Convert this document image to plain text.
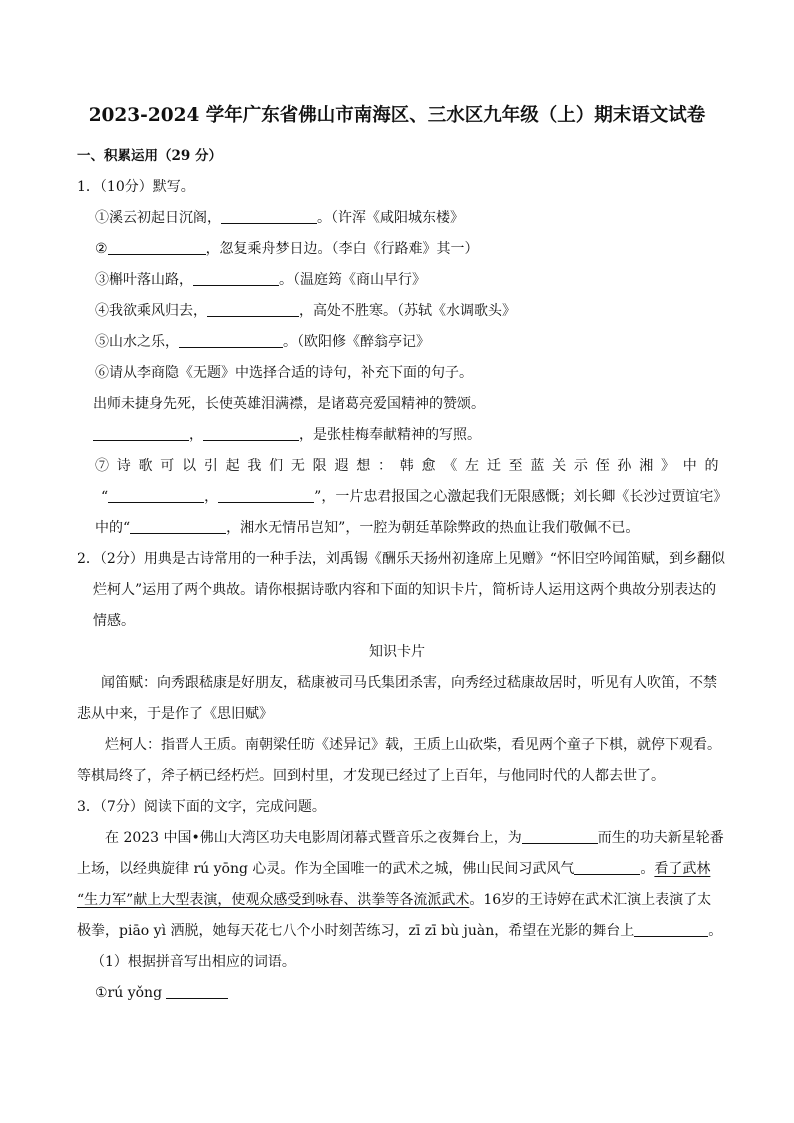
2023-2024 学年广东省佛山市南海区、三水区九年级（上）期末语文试卷
一、积累运用（29 分）
1．（10分）默写。
①溪云初起日沉阁，	。（许浑《咸阳城东楼》
②	，忽复乘舟梦日边。（李白《行路难》其一）
③槲叶落山路，	。（温庭筠《商山早行》
④我欲乘风归去，	，高处不胜寒。（苏轼《水调歌头》
⑤山水之乐，	。（欧阳修《醉翁亭记》
⑥请从李商隐《无题》中选择合适的诗句，补充下面的句子。
出师未捷身先死，长使英雄泪满襟，是诸葛亮爱国精神的赞颂。
，	，是张桂梅奉献精神的写照。
⑦诗歌可以引起我们无限遐想：韩愈《左迁至蓝关示侄孙湘》中的
“	，	”，一片忠君报国之心激起我们无限感慨；刘长卿《长沙过贾谊宅》
中的“	，湘水无情吊岂知”，一腔为朝廷革除弊政的热血让我们敬佩不已。
2．（2分）用典是古诗常用的一种手法，刘禹锡《酬乐天扬州初逢席上见赠》“怀旧空吟闻笛赋，到乡翻似
烂柯人”运用了两个典故。请你根据诗歌内容和下面的知识卡片，简析诗人运用这两个典故分别表达的
情感。
知识卡片
闻笛赋：向秀跟嵇康是好朋友，嵇康被司马氏集团杀害，向秀经过嵇康故居时，听见有人吹笛，不禁
悲从中来，于是作了《思旧赋》
烂柯人：指晋人王质。南朝梁任昉《述异记》载，王质上山砍柴，看见两个童子下棋，就停下观看。
等棋局终了，斧子柄已经朽烂。回到村里，才发现已经过了上百年，与他同时代的人都去世了。
3．（7分）阅读下面的文字，完成问题。
在 2023 中国•佛山大湾区功夫电影周闭幕式暨音乐之夜舞台上，为	而生的功夫新星轮番
上场，以经典旋律 rú yōng 心灵。作为全国唯一的武术之城，佛山民间习武风气	。看了武林
“生力军”献上大型表演，使观众感受到咏春、洪拳等各流派武术。16岁的王诗婷在武术汇演上表演了太
极拳，piāo yì 洒脱，她每天花七八个小时刻苦练习，zī zī bù juàn，希望在光影的舞台上	。
（1）根据拼音写出相应的词语。
①rú yǒng
